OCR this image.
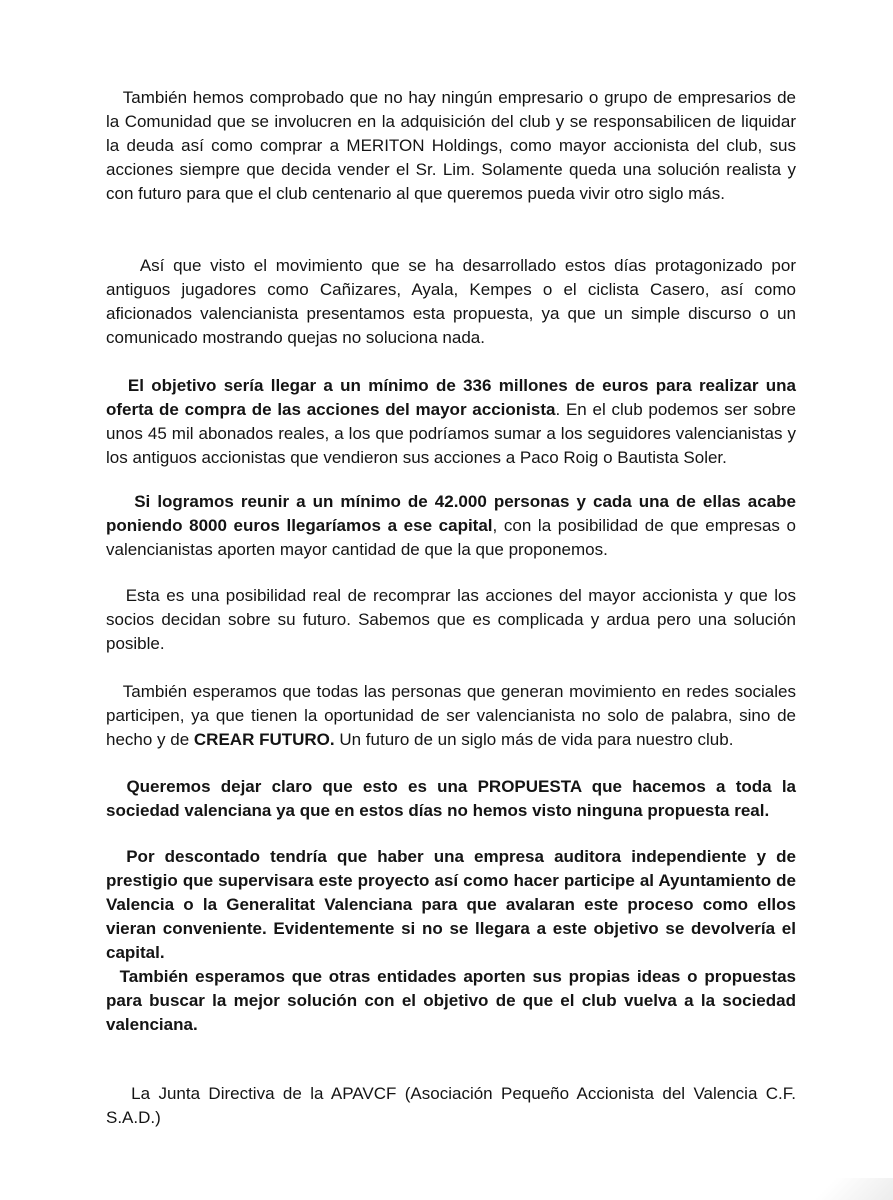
También hemos comprobado que no hay ningún empresario o grupo de empresarios de la Comunidad que se involucren en la adquisición del club y se responsabilicen de liquidar la deuda así como comprar a MERITON Holdings, como mayor accionista del club, sus acciones siempre que decida vender el Sr. Lim. Solamente queda una solución realista y con futuro para que el club centenario al que queremos pueda vivir otro siglo más.

Así que visto el movimiento que se ha desarrollado estos días protagonizado por antiguos jugadores como Cañizares, Ayala, Kempes o el ciclista Casero, así como aficionados valencianista presentamos esta propuesta, ya que un simple discurso o un comunicado mostrando quejas no soluciona nada.

El objetivo sería llegar a un mínimo de 336 millones de euros para realizar una oferta de compra de las acciones del mayor accionista. En el club podemos ser sobre unos 45 mil abonados reales, a los que podríamos sumar a los seguidores valencianistas y los antiguos accionistas que vendieron sus acciones a Paco Roig o Bautista Soler.

Si logramos reunir a un mínimo de 42.000 personas y cada una de ellas acabe poniendo 8000 euros llegaríamos a ese capital, con la posibilidad de que empresas o valencianistas aporten mayor cantidad de que la que proponemos.

Esta es una posibilidad real de recomprar las acciones del mayor accionista y que los socios decidan sobre su futuro. Sabemos que es complicada y ardua pero una solución posible.

También esperamos que todas las personas que generan movimiento en redes sociales participen, ya que tienen la oportunidad de ser valencianista no solo de palabra, sino de hecho y de CREAR FUTURO. Un futuro de un siglo más de vida para nuestro club.

Queremos dejar claro que esto es una PROPUESTA que hacemos a toda la sociedad valenciana ya que en estos días no hemos visto ninguna propuesta real.

Por descontado tendría que haber una empresa auditora independiente y de prestigio que supervisara este proyecto así como hacer participe al Ayuntamiento de Valencia o la Generalitat Valenciana para que avalaran este proceso como ellos vieran conveniente. Evidentemente si no se llegara a este objetivo se devolvería el capital.

También esperamos que otras entidades aporten sus propias ideas o propuestas para buscar la mejor solución con el objetivo de que el club vuelva a la sociedad valenciana.

La Junta Directiva de la APAVCF (Asociación Pequeño Accionista del Valencia C.F. S.A.D.)
